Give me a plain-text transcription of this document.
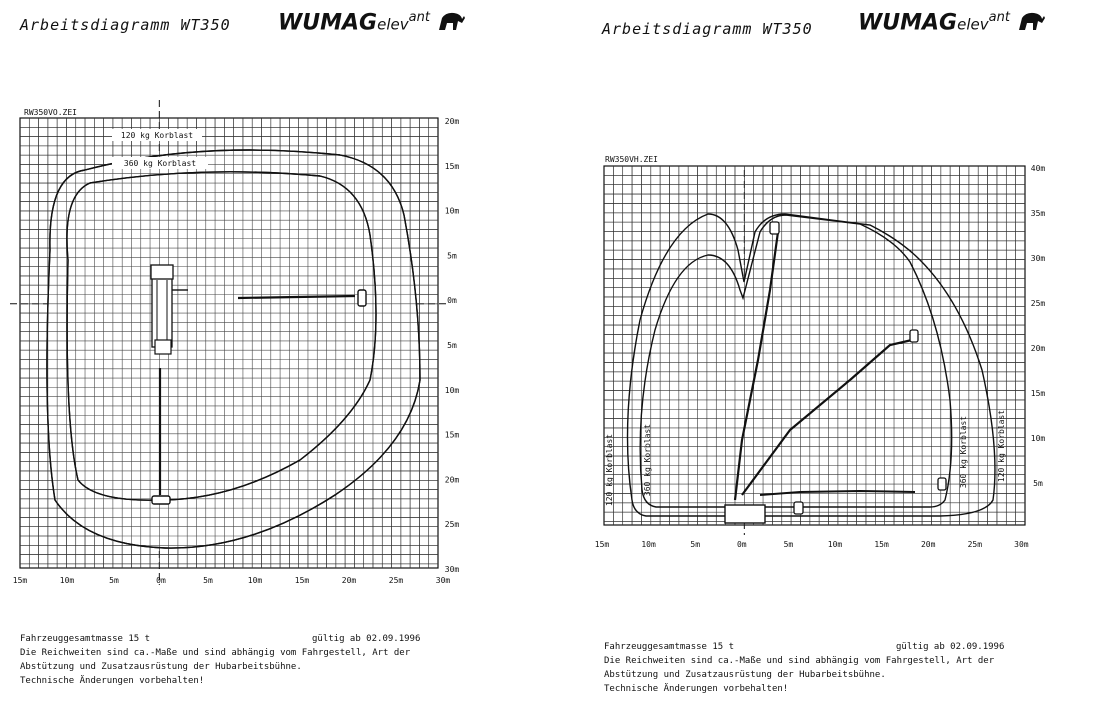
Arbeitsdiagramm WT350 WUMAGelev$^{ant}$
RW350VO.ZEI
120 kg Korblast
360 kg Korblast
15m	10m	5m	0m	5m	10m	15m	20m	25m	30m
20m
15m
10m
5m
0m
5m
10m
15m
20m
25m
30m
Fahrzeuggesamtmasse 15 t	gültig ab 02.09.1996
Die Reichweiten sind ca.-Maße und sind abhängig vom Fahrgestell, Art der
Abstützung und Zusatzausrüstung der Hubarbeitsbühne.
Technische Änderungen vorbehalten!
Arbeitsdiagramm WT350 WUMAGelev$^{ant}$
RW350VH.ZEI
120 kg Korblast	360 kg Korblast	360 kg Korblast	120 kg Korblast
15m	10m	5m	0m	5m	10m	15m	20m	25m	30m
40m
35m
30m
25m
20m
15m
10m
5m
Fahrzeuggesamtmasse 15 t	gültig ab 02.09.1996
Die Reichweiten sind ca.-Maße und sind abhängig vom Fahrgestell, Art der
Abstützung und Zusatzausrüstung der Hubarbeitsbühne.
Technische Änderungen vorbehalten!
